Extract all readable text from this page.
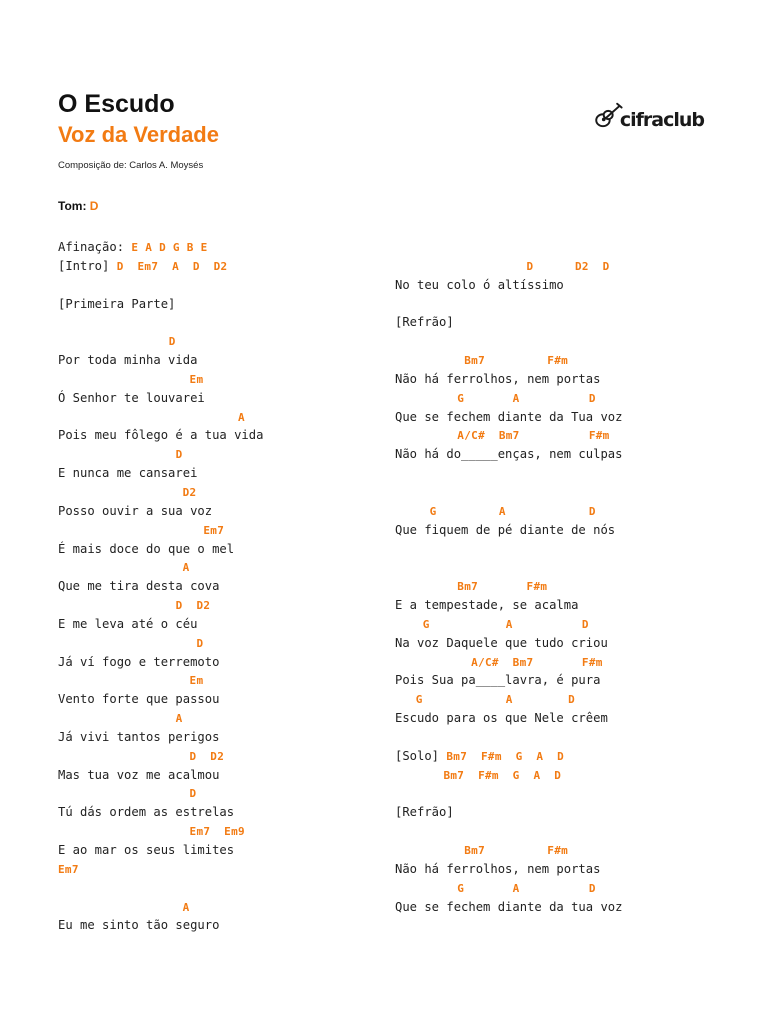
O Escudo
Voz da Verdade
Composição de: Carlos A. Moysés
cifraclub
Tom: D
Afinação: E A D G B E
[Intro] D  Em7  A  D  D2
[Primeira Parte]
D
Por toda minha vida
Em
Ó Senhor te louvarei
A
Pois meu fôlego é a tua vida
D
E nunca me cansarei
D2
Posso ouvir a sua voz
Em7
É mais doce do que o mel
A
Que me tira desta cova
D  D2
E me leva até o céu
D
Já ví fogo e terremoto
Em
Vento forte que passou
A
Já vivi tantos perigos
D  D2
Mas tua voz me acalmou
D
Tú dás ordem as estrelas
Em7  Em9
E ao mar os seus limites
Em7
A
Eu me sinto tão seguro
D      D2  D
No teu colo ó altíssimo
[Refrão]
Bm7         F#m
Não há ferrolhos, nem portas
G       A          D
Que se fechem diante da Tua voz
A/C#  Bm7          F#m
Não há do_____enças, nem culpas
G         A            D
Que fiquem de pé diante de nós
Bm7       F#m
E a tempestade, se acalma
G           A          D
Na voz Daquele que tudo criou
A/C#  Bm7       F#m
Pois Sua pa____lavra, é pura
G            A        D
Escudo para os que Nele crêem
[Solo] Bm7  F#m  G  A  D
Bm7  F#m  G  A  D
[Refrão]
Bm7         F#m
Não há ferrolhos, nem portas
G       A          D
Que se fechem diante da tua voz
